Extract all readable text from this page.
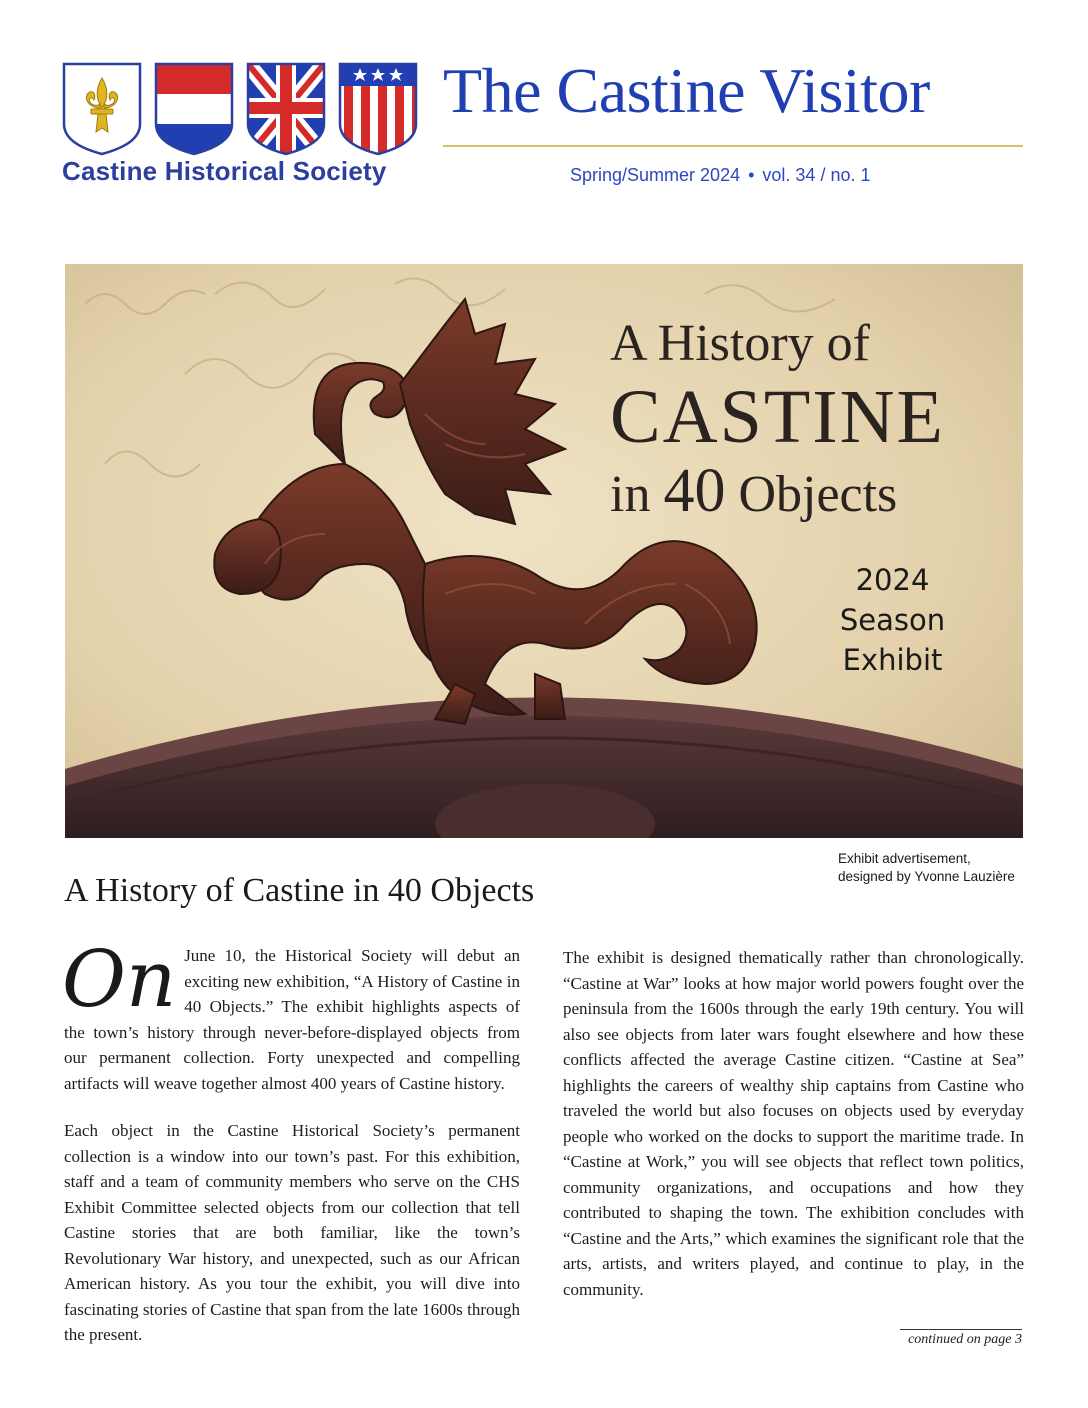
Castine Historical Society
The Castine Visitor
Spring/Summer 2024 • vol. 34 / no. 1
A History of
CASTINE
in 40 Objects
2024
Season
Exhibit
Exhibit advertisement,
designed by Yvonne Lauzière
A History of Castine in 40 Objects

On June 10, the Historical Society will debut an exciting new exhibition, “A History of Castine in 40 Objects.” The exhibit highlights aspects of the town’s history through never-before-displayed objects from our permanent collection. Forty unexpected and compelling artifacts will weave together almost 400 years of Castine history.

Each object in the Castine Historical Society’s permanent collection is a window into our town’s past. For this exhibition, staff and a team of community members who serve on the CHS Exhibit Committee selected objects from our collection that tell Castine stories that are both familiar, like the town’s Revolutionary War history, and unexpected, such as our African American history. As you tour the exhibit, you will dive into fascinating stories of Castine that span from the late 1600s through the present.

The exhibit is designed thematically rather than chronologically. “Castine at War” looks at how major world powers fought over the peninsula from the 1600s through the early 19th century. You will also see objects from later wars fought elsewhere and how these conflicts affected the average Castine citizen. “Castine at Sea” highlights the careers of wealthy ship captains from Castine who traveled the world but also focuses on objects used by everyday people who worked on the docks to support the maritime trade. In “Castine at Work,” you will see objects that reflect town politics, community organizations, and occupations and how they contributed to shaping the town. The exhibition concludes with “Castine and the Arts,” which examines the significant role that the arts, artists, and writers played, and continue to play, in the community.

continued on page 3
